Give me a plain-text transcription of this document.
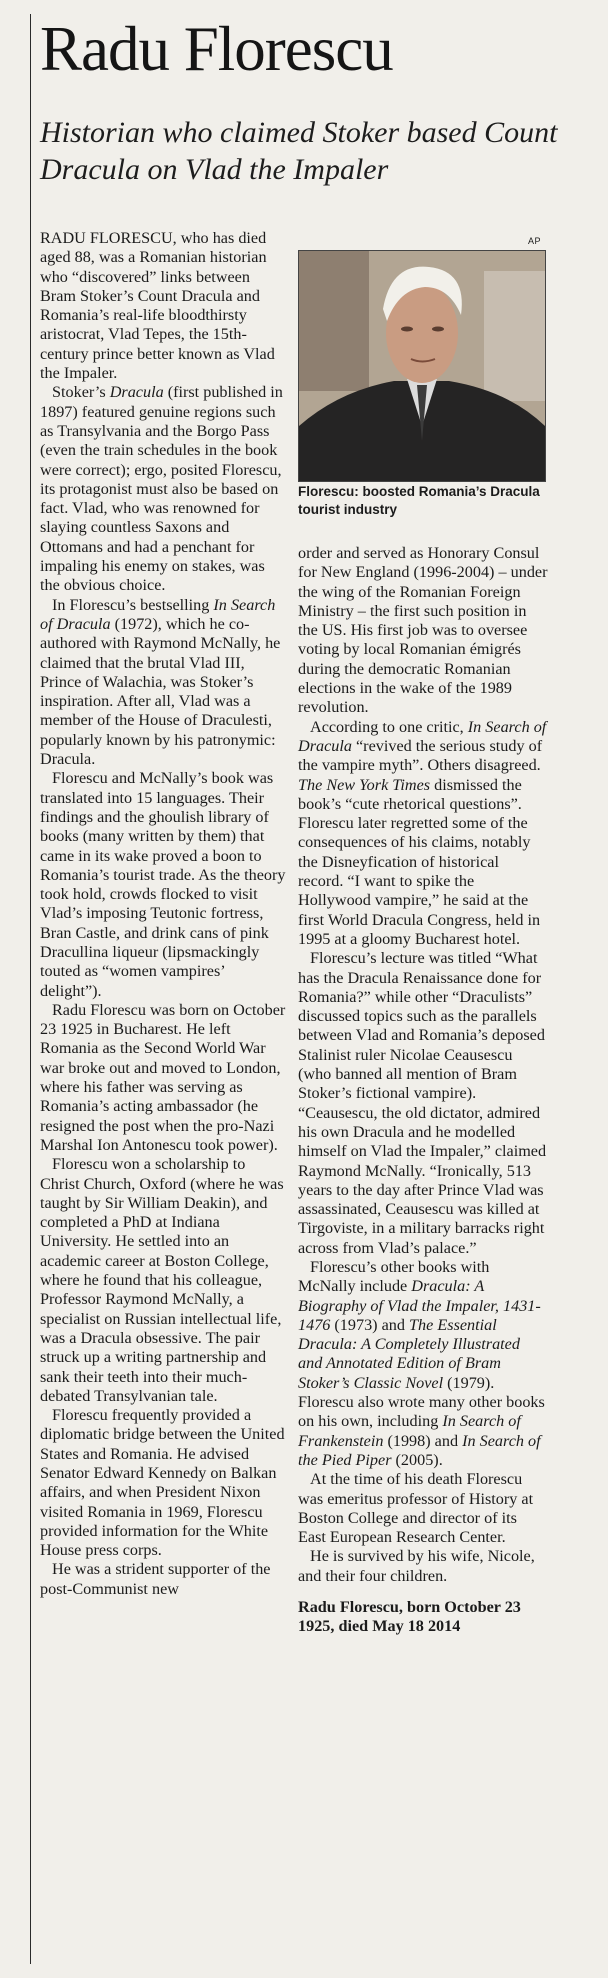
Radu Florescu
Historian who claimed Stoker based Count Dracula on Vlad the Impaler
AP
Florescu: boosted Romania’s Dracula tourist industry

RADU FLORESCU, who has died aged 88, was a Romanian historian who “discovered” links between Bram Stoker’s Count Dracula and Romania’s real-life bloodthirsty aristocrat, Vlad Tepes, the 15th-century prince better known as Vlad the Impaler.

Stoker’s Dracula (first published in 1897) featured genuine regions such as Transylvania and the Borgo Pass (even the train schedules in the book were correct); ergo, posited Florescu, its protagonist must also be based on fact. Vlad, who was renowned for slaying countless Saxons and Ottomans and had a penchant for impaling his enemy on stakes, was the obvious choice.

In Florescu’s bestselling In Search of Dracula (1972), which he co-authored with Raymond McNally, he claimed that the brutal Vlad III, Prince of Walachia, was Stoker’s inspiration. After all, Vlad was a member of the House of Draculesti, popularly known by his patronymic: Dracula.

Florescu and McNally’s book was translated into 15 languages. Their findings and the ghoulish library of books (many written by them) that came in its wake proved a boon to Romania’s tourist trade. As the theory took hold, crowds flocked to visit Vlad’s imposing Teutonic fortress, Bran Castle, and drink cans of pink Dracullina liqueur (lipsmackingly touted as “women vampires’ delight”).

Radu Florescu was born on October 23 1925 in Bucharest. He left Romania as the Second World War war broke out and moved to London, where his father was serving as Romania’s acting ambassador (he resigned the post when the pro-Nazi Marshal Ion Antonescu took power).

Florescu won a scholarship to Christ Church, Oxford (where he was taught by Sir William Deakin), and completed a PhD at Indiana University. He settled into an academic career at Boston College, where he found that his colleague, Professor Raymond McNally, a specialist on Russian intellectual life, was a Dracula obsessive. The pair struck up a writing partnership and sank their teeth into their much-debated Transylvanian tale.

Florescu frequently provided a diplomatic bridge between the United States and Romania. He advised Senator Edward Kennedy on Balkan affairs, and when President Nixon visited Romania in 1969, Florescu provided information for the White House press corps.

He was a strident supporter of the post-Communist new

order and served as Honorary Consul for New England (1996-2004) – under the wing of the Romanian Foreign Ministry – the first such position in the US. His first job was to oversee voting by local Romanian émigrés during the democratic Romanian elections in the wake of the 1989 revolution.

According to one critic, In Search of Dracula “revived the serious study of the vampire myth”. Others disagreed. The New York Times dismissed the book’s “cute rhetorical questions”. Florescu later regretted some of the consequences of his claims, notably the Disneyfication of historical record. “I want to spike the Hollywood vampire,” he said at the first World Dracula Congress, held in 1995 at a gloomy Bucharest hotel.

Florescu’s lecture was titled “What has the Dracula Renaissance done for Romania?” while other “Draculists” discussed topics such as the parallels between Vlad and Romania’s deposed Stalinist ruler Nicolae Ceausescu (who banned all mention of Bram Stoker’s fictional vampire). “Ceausescu, the old dictator, admired his own Dracula and he modelled himself on Vlad the Impaler,” claimed Raymond McNally. “Ironically, 513 years to the day after Prince Vlad was assassinated, Ceausescu was killed at Tirgoviste, in a military barracks right across from Vlad’s palace.”

Florescu’s other books with McNally include Dracula: A Biography of Vlad the Impaler, 1431-1476 (1973) and The Essential Dracula: A Completely Illustrated and Annotated Edition of Bram Stoker’s Classic Novel (1979). Florescu also wrote many other books on his own, including In Search of Frankenstein (1998) and In Search of the Pied Piper (2005).

At the time of his death Florescu was emeritus professor of History at Boston College and director of its East European Research Center.

He is survived by his wife, Nicole, and their four children.

Radu Florescu, born October 23 1925, died May 18 2014
